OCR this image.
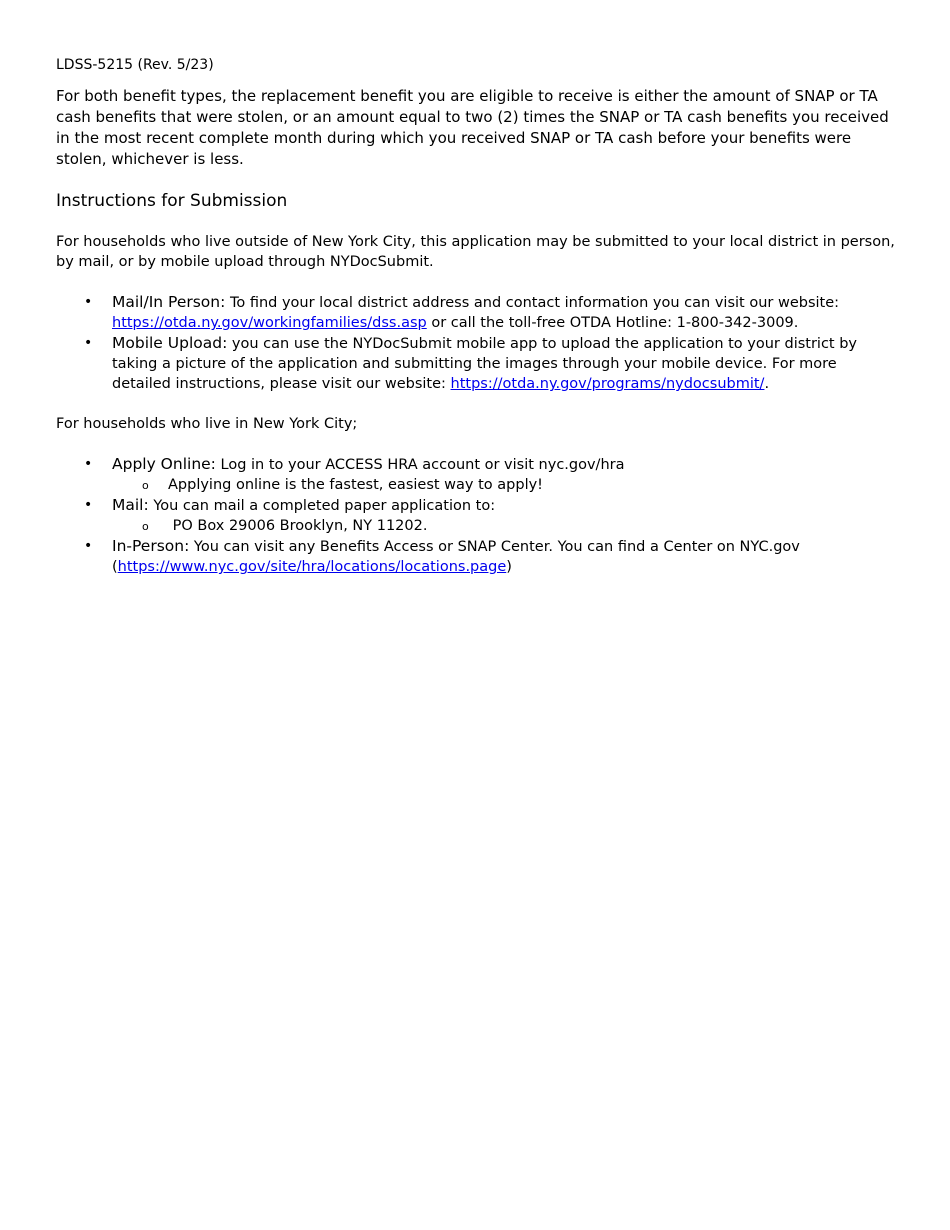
LDSS-5215 (Rev. 5/23)

For both benefit types, the replacement benefit you are eligible to receive is either the amount of SNAP or TA cash benefits that were stolen, or an amount equal to two (2) times the SNAP or TA cash benefits you received in the most recent complete month during which you received SNAP or TA cash before your benefits were stolen, whichever is less.

Instructions for Submission

For households who live outside of New York City, this application may be submitted to your local district in person, by mail, or by mobile upload through NYDocSubmit.

• Mail/In Person: To find your local district address and contact information you can visit our website: https://otda.ny.gov/workingfamilies/dss.asp or call the toll-free OTDA Hotline: 1-800-342-3009.
• Mobile Upload: you can use the NYDocSubmit mobile app to upload the application to your district by taking a picture of the application and submitting the images through your mobile device. For more detailed instructions, please visit our website: https://otda.ny.gov/programs/nydocsubmit/.

For households who live in New York City;

• Apply Online: Log in to your ACCESS HRA account or visit nyc.gov/hra
o Applying online is the fastest, easiest way to apply!
• Mail: You can mail a completed paper application to:
o  PO Box 29006 Brooklyn, NY 11202.
• In-Person: You can visit any Benefits Access or SNAP Center. You can find a Center on NYC.gov (https://www.nyc.gov/site/hra/locations/locations.page)
